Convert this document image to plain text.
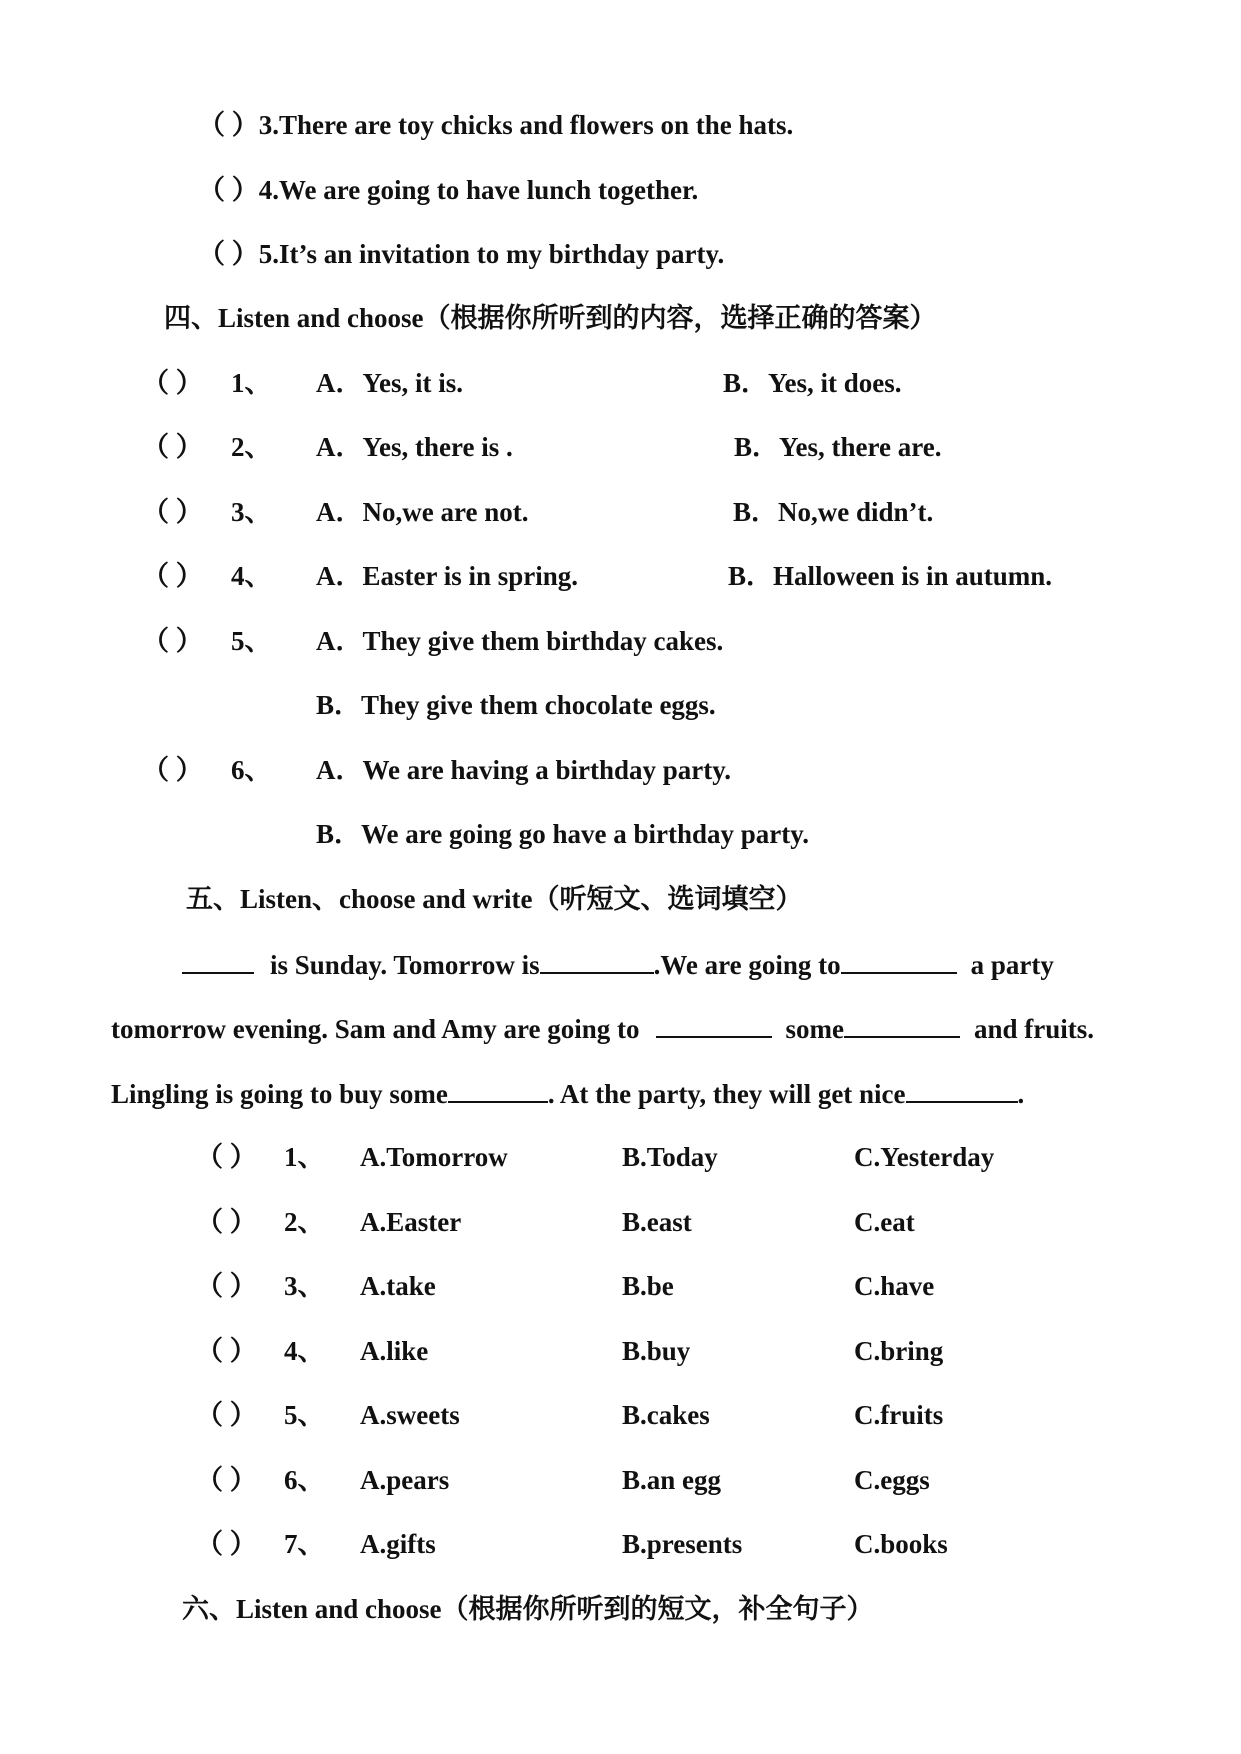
（ ）3.There are toy chicks and flowers on the hats.
（ ）4.We are going to have lunch together.
（ ）5.It’s an invitation to my birthday party.
四、Listen and choose（根据你所听到的内容，选择正确的答案）
（ ） 1、 A．Yes, it is.	B．Yes, it does.
（ ） 2、 A．Yes, there is .	B．Yes, there are.
（ ） 3、 A．No,we are not.	B．No,we didn’t.
（ ） 4、 A．Easter is in spring.	B．Halloween is in autumn.
（ ） 5、 A．They give them birthday cakes.
B．They give them chocolate eggs.
（ ） 6、 A．We are having a birthday party.
B．We are going go have a birthday party.
五、Listen、choose and write（听短文、选词填空）
is Sunday. Tomorrow is	.We are going to	a party
tomorrow evening. Sam and Amy are going to	some	and fruits.
Lingling is going to buy some	. At the party, they will get nice	.
（ ） 1、 A.Tomorrow	B.Today	C.Yesterday
（ ） 2、 A.Easter	B.east	C.eat
（ ） 3、 A.take	B.be	C.have
（ ） 4、 A.like	B.buy	C.bring
（ ） 5、 A.sweets	B.cakes	C.fruits
（ ） 6、 A.pears	B.an egg	C.eggs
（ ） 7、 A.gifts	B.presents	C.books
六、Listen and choose（根据你所听到的短文，补全句子）
